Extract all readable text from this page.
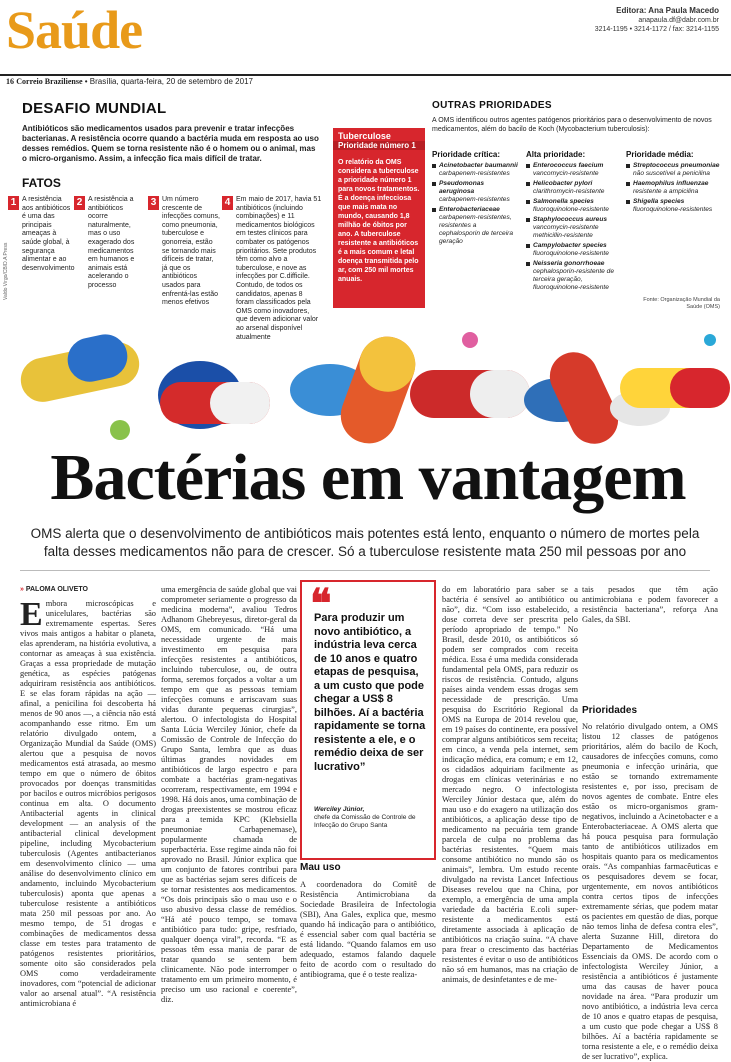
Saúde	Editora: Ana Paula Macedo
anapaula.df@dabr.com.br
3214-1195 • 3214-1172 / fax: 3214-1155
16 Correio Braziliense • Brasília, quarta-feira, 20 de setembro de 2017
DESAFIO MUNDIAL
Antibióticos são medicamentos usados para prevenir e tratar infecções bacterianas. A resistência ocorre quando a bactéria muda em resposta ao uso desses remédios. Quem se torna resistente não é o homem ou o animal, mas o micro-organismo. Assim, a infecção fica mais difícil de tratar.
FATOS
1 A resistência aos antibióticos é uma das principais ameaças à saúde global, à segurança alimentar e ao desenvolvimento
2 A resistência a antibióticos ocorre naturalmente, mas o uso exagerado dos medicamentos em humanos e animais está acelerando o processo
3 Um número crescente de infecções comuns, como pneumonia, tuberculose e gonorreia, estão se tornando mais difíceis de tratar, já que os antibióticos usados para enfrentá-las estão menos efetivos
4 Em maio de 2017, havia 51 antibióticos (incluindo combinações) e 11 medicamentos biológicos em testes clínicos para combater os patógenos prioritários. Sete produtos têm como alvo a tuberculose, e nove as infecções por C.difficile. Contudo, de todos os candidatos, apenas 8 foram classificados pela OMS como inovadores, que devem adicionar valor ao arsenal disponível atualmente
Tuberculose
Prioridade número 1
O relatório da OMS considera a tuberculose a prioridade número 1 para novos tratamentos. É a doença infecciosa que mais mata no mundo, causando 1,8 milhão de óbitos por ano. A tuberculose resistente a antibióticos é a mais comum e letal doença transmitida pelo ar, com 250 mil mortes anuais.
OUTRAS PRIORIDADES
A OMS identificou outros agentes patógenos prioritários para o desenvolvimento de novos medicamentos, além do bacilo de Koch (Mycobacterium tuberculosis):
Prioridade crítica:
Acinetobacter baumannii
carbapenem-resistentes
Pseudomonas aeruginosa
carbapenem-resistentes
Enterobacteriaceae
carbapenem-resistentes, resistentes a cephalosporin de terceira geração
Alta prioridade:
Enterococcus faecium
vancomycin-resistente
Helicobacter pylori
clarithromycin-resistente
Salmonella species
fluoroquinolone-resistente
Staphylococcus aureus
vancomycin-resistente methicillin-resistente
Campylobacter species
fluoroquinolone-resistente
Neisseria gonorrhoeae
cephalosporin-resistente de terceira geração, fluoroquinolone-resistente
Prioridade média:
Streptococcus pneumoniae
não suscetível a penicilina
Haemophilus influenzae
resistente a ampicilina
Shigella species
fluoroquinolone-resistentes
Fonte: Organização Mundial da Saúde (OMS)
Valdo Virgo/CB/D.A Press
Bactérias em vantagem
OMS alerta que o desenvolvimento de antibióticos mais potentes está lento, enquanto o número de mortes pela falta desses medicamentos não para de crescer. Só a tuberculose resistente mata 250 mil pessoas por ano
» PALOMA OLIVETO
E mbora microscópicas e unicelulares, bactérias são extremamente espertas. Seres vivos mais antigos a habitar o planeta, elas aprenderam, na história evolutiva, a contornar as ameaças à sua existência. Graças a essa propriedade de mutação genética, as espécies patógenas adquiriram resistência aos antibióticos. E se elas foram rápidas na ação — afinal, a penicilina foi descoberta há menos de 90 anos —, a ciência não está acompanhando esse ritmo. Em um relatório divulgado ontem, a Organização Mundial da Saúde (OMS) alertou que a pesquisa de novos medicamentos está atrasada, ao mesmo tempo em que o número de óbitos provocados por doenças transmitidas por bacilos e outros micróbios perigosos continua em alta. O documento Antibacterial agents in clinical development — an analysis of the antibacterial clinical development pipeline, including Mycobacterium tuberculosis (Agentes antibacterianos em desenvolvimento clínico — uma análise do desenvolvimento clínico em andamento, incluindo Mycobacterium tuberculosis) aponta que apenas a tuberculose resistente a antibióticos mata 250 mil pessoas por ano. Ao mesmo tempo, de 51 drogas e combinações de medicamentos dessa classe em testes para tratamento de patógenos resistentes prioritários, somente oito são considerados pela OMS como verdadeiramente inovadores, com “potencial de adicionar valor ao arsenal atual”. “A resistência antimicrobiana é
uma emergência de saúde global que vai comprometer seriamente o progresso da medicina moderna”, avaliou Tedros Adhanom Ghebreyesus, diretor-geral da OMS, em comunicado. “Há uma necessidade urgente de mais investimento em pesquisa para infecções resistentes a antibióticos, incluindo tuberculose, ou, de outra forma, seremos forçados a voltar a um tempo em que as pessoas temiam infecções comuns e arriscavam suas vidas durante pequenas cirurgias”, alertou. O infectologista do Hospital Santa Lúcia Werciley Júnior, chefe da Comissão de Controle de Infecção do Grupo Santa, lembra que as duas últimas grandes novidades em antibióticos de largo espectro e para combate a bactérias gram-negativas ocorreram, respectivamente, em 1994 e 1998. Há dois anos, uma combinação de drogas preexistentes se mostrou eficaz para a temida KPC (Klebsiella pneumoniae Carbapenemase), popularmente chamada de superbactéria. Esse regime ainda não foi aprovado no Brasil. Júnior explica que um conjunto de fatores contribui para que as bactérias sejam seres difíceis de se tornar resistentes aos medicamentos. “Os dois principais são o mau uso e o uso abusivo dessa classe de remédios. “Há até pouco tempo, se tomava antibiótico para tudo: gripe, resfriado, qualquer doença viral”, recorda. “E as pessoas têm essa mania de parar de tratar quando se sentem bem clinicamente. Não pode interromper o tratamento em um primeiro momento, é preciso um uso racional e coerente”, diz.
❝
Para produzir um novo antibiótico, a indústria leva cerca de 10 anos e quatro etapas de pesquisa, a um custo que pode chegar a US$ 8 bilhões. Aí a bactéria rapidamente se torna resistente a ele, e o remédio deixa de ser lucrativo”
Werciley Júnior,
chefe da Comissão de Controle de Infecção do Grupo Santa
Mau uso
A coordenadora do Comitê de Resistência Antimicrobiana da Sociedade Brasileira de Infectologia (SBI), Ana Gales, explica que, mesmo quando há indicação para o antibiótico, é essencial saber com qual bactéria se está lidando. “Quando falamos em uso adequado, estamos falando daquele feito de acordo com o resultado do antibiograma, que é o teste realiza-
do em laboratório para saber se a bactéria é sensível ao antibiótico ou não”, diz. “Com isso estabelecido, a dose correta deve ser prescrita pelo período apropriado de tempo.” No Brasil, desde 2010, os antibióticos só podem ser comprados com receita médica. Essa é uma medida considerada fundamental pela OMS, para reduzir os riscos de resistência. Contudo, alguns países ainda vendem essas drogas sem necessidade de prescrição. Uma pesquisa do Escritório Regional da OMS na Europa de 2014 revelou que, em 19 países do continente, era possível comprar alguns antibióticos sem receita; em cinco, a venda pela internet, sem indicação médica, era comum; e em 12, os cidadãos adquiriam facilmente as drogas em clínicas veterinárias e no mercado negro. O infectologista Werciley Júnior destaca que, além do mau uso e do exagero na utilização dos antibióticos, a aplicação desse tipo de medicamento na pecuária tem grande parcela de culpa no problema das bactérias resistentes. “Quem mais consome antibiótico no mundo são os animais”, lembra. Um estudo recente divulgado na revista Lancet Infectious Diseases revelou que na China, por exemplo, a emergência de uma ampla variedade da bactéria E.coli super-resistente a medicamentos está diretamente associada à aplicação de antibióticos na criação suína. “A chave para frear o crescimento das bactérias resistentes é evitar o uso de antibióticos não só em humanos, mas na criação de animais, de desinfetantes e de me-
tais pesados que têm ação antimicrobiana e podem favorecer a resistência bacteriana”, reforça Ana Gales, da SBI.
Prioridades
No relatório divulgado ontem, a OMS listou 12 classes de patógenos prioritários, além do bacilo de Koch, causadores de infecções comuns, como pneumonia e infecção urinária, que estão se tornando extremamente resistentes e, por isso, precisam de novos agentes de combate. Entre eles estão os micro-organismos gram-negativos, incluindo a Acinetobacter e a Enterobacteriaceae. A OMS alerta que há pouca pesquisa para formulação tanto de antibióticos utilizados em hospitais quanto para os medicamentos orais. “As companhias farmacêuticas e os pesquisadores devem se focar, urgentemente, em novos antibióticos contra certos tipos de infecções extremamente sérias, que podem matar os pacientes em questão de dias, porque não temos linha de defesa contra eles”, alerta Suzanne Hill, diretora do Departamento de Medicamentos Essenciais da OMS. De acordo com o infectologista Werciley Júnior, a resistência a antibióticos é justamente uma das causas de haver pouca novidade na área. “Para produzir um novo antibiótico, a indústria leva cerca de 10 anos e quatro etapas de pesquisa, a um custo que pode chegar a US$ 8 bilhões. Aí a bactéria rapidamente se torna resistente a ele, e o remédio deixa de ser lucrativo”, explica.
